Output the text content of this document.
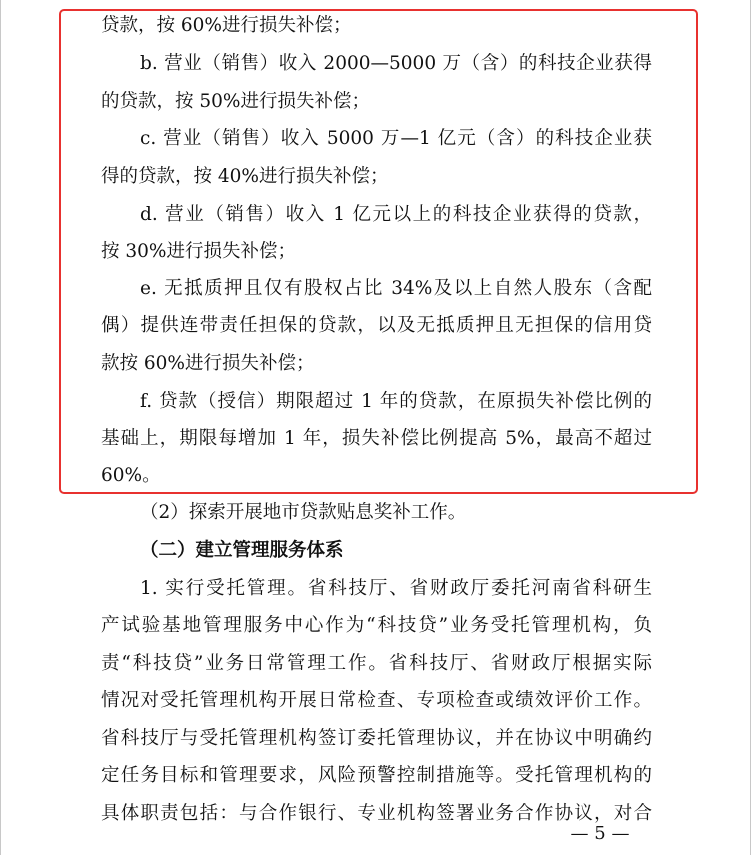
贷款，按 60%进行损失补偿；

b. 营业（销售）收入 2000—5000 万（含）的科技企业获得

的贷款，按 50%进行损失补偿；

c. 营业（销售）收入 5000 万—1 亿元（含）的科技企业获

得的贷款，按 40%进行损失补偿；

d. 营业（销售）收入 1 亿元以上的科技企业获得的贷款，

按 30%进行损失补偿；

e. 无抵质押且仅有股权占比 34%及以上自然人股东（含配

偶）提供连带责任担保的贷款，以及无抵质押且无担保的信用贷

款按 60%进行损失补偿；

f. 贷款（授信）期限超过 1 年的贷款，在原损失补偿比例的

基础上，期限每增加 1 年，损失补偿比例提高 5%，最高不超过

60%。

（2）探索开展地市贷款贴息奖补工作。

（二）建立管理服务体系

1. 实行受托管理。省科技厅、省财政厅委托河南省科研生

产试验基地管理服务中心作为“科技贷”业务受托管理机构，负

责“科技贷”业务日常管理工作。省科技厅、省财政厅根据实际

情况对受托管理机构开展日常检查、专项检查或绩效评价工作。

省科技厅与受托管理机构签订委托管理协议，并在协议中明确约

定任务目标和管理要求，风险预警控制措施等。受托管理机构的

具体职责包括：与合作银行、专业机构签署业务合作协议，对合

— 5 —
